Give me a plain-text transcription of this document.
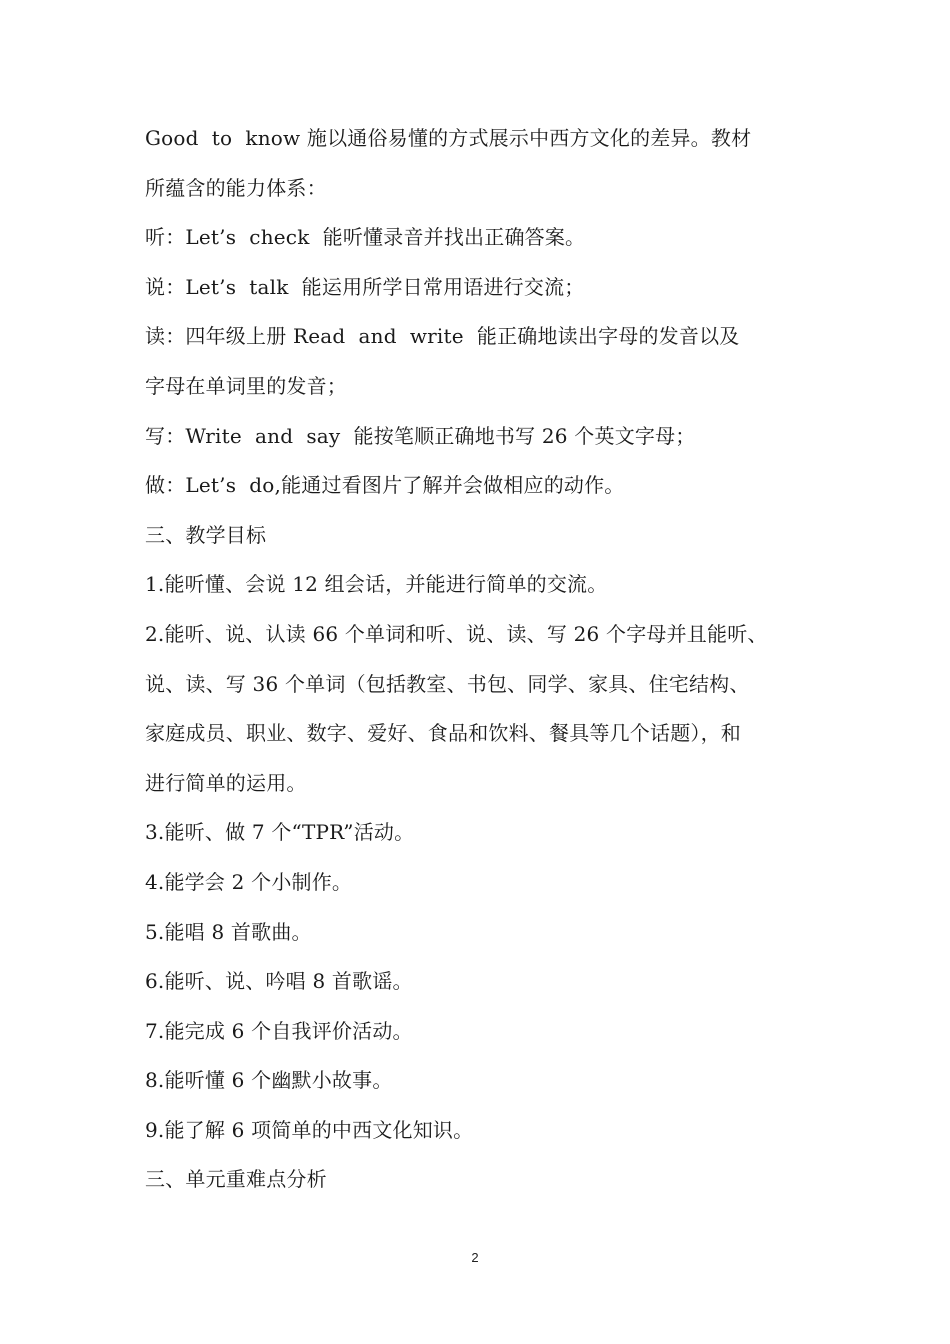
Good  to  know 施以通俗易懂的方式展示中西方文化的差异。教材
所蕴含的能力体系：
听：Let’s  check  能听懂录音并找出正确答案。
说：Let’s  talk  能运用所学日常用语进行交流；
读：四年级上册 Read  and  write  能正确地读出字母的发音以及
字母在单词里的发音；
写：Write  and  say  能按笔顺正确地书写 26 个英文字母；
做：Let’s  do,能通过看图片了解并会做相应的动作。
三、教学目标
1.能听懂、会说 12 组会话，并能进行简单的交流。
2.能听、说、认读 66 个单词和听、说、读、写 26 个字母并且能听、
说、读、写 36 个单词（包括教室、书包、同学、家具、住宅结构、
家庭成员、职业、数字、爱好、食品和饮料、餐具等几个话题），和
进行简单的运用。
3.能听、做 7 个“TPR”活动。
4.能学会 2 个小制作。
5.能唱 8 首歌曲。
6.能听、说、吟唱 8 首歌谣。
7.能完成 6 个自我评价活动。
8.能听懂 6 个幽默小故事。
9.能了解 6 项简单的中西文化知识。
三、单元重难点分析
2
